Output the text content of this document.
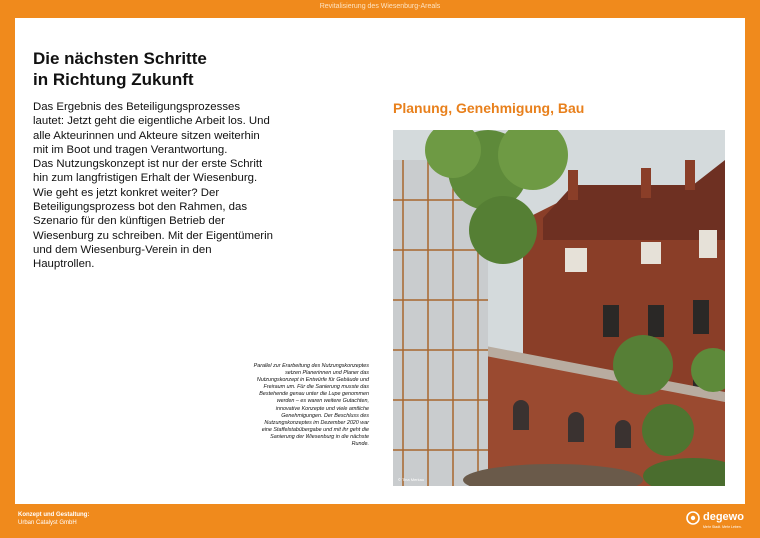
Revitalisierung des Wiesenburg-Areals
Die nächsten Schritte
in Richtung Zukunft

Das Ergebnis des Beteiligungsprozesses lautet: Jetzt geht die eigentliche Arbeit los. Und alle Akteurinnen und Akteure sitzen weiterhin mit im Boot und tragen Verantwortung.

Das Nutzungskonzept ist nur der erste Schritt hin zum langfristigen Erhalt der Wiesenburg. Wie geht es jetzt konkret weiter? Der Beteiligungsprozess bot den Rahmen, das Szenario für den künftigen Betrieb der Wiesenburg zu schreiben. Mit der Eigentümerin und dem Wiesenburg-Verein in den Hauptrollen.

Parallel zur Erarbeitung des Nutzungskonzeptes setzen Planerinnen und Planer das Nutzungskonzept in Entwürfe für Gebäude und Freiraum um. Für die Sanierung musste das Bestehende genau unter die Lupe genommen werden – es waren weitere Gutachten, innovative Konzepte und viele amtliche Genehmigungen. Der Beschluss des Nutzungskonzeptes im Dezember 2020 war eine Staffelstabübergabe und mit ihr geht die Sanierung der Wiesenburg in die nächste Runde.
Planung, Genehmigung, Bau
© Tina Merkau
Konzept und Gestaltung:
Urban Catalyst GmbH	degewo
Mehr Stadt. Mehr Leben.
